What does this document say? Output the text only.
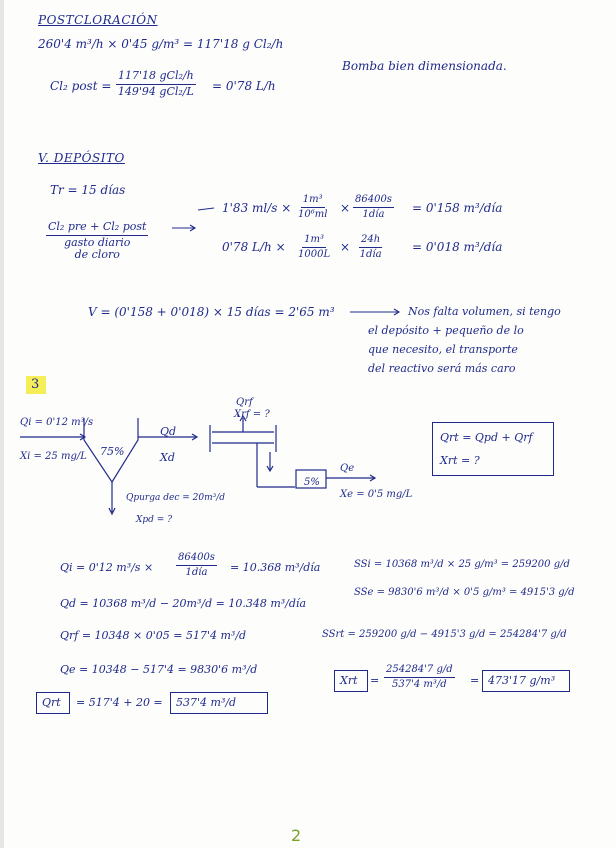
POSTCLORACIÓN
260'4 m³/h × 0'45 g/m³ = 117'18 g Cl₂/h
Cl₂ post =
117'18 gCl₂/h
149'94 gCl₂/L = 0'78 L/h
Bomba bien dimensionada.
V. DEPÓSITO
Tr = 15 días
Cl₂ pre + Cl₂ post
gasto diario
de cloro
1'83 $ml/s \times \frac{\text{1m³}}{\text{10⁶ml}}$ ×
86400s
1día = 0'158 m³/día
0'78 $L/h \times \frac{\text{1m³}}{1000L}$ ×
24h
1día	= 0'018 m³/día
V = (0'158 + 0'018) × 15 días = 2'65 m³	Nos falta volumen, si tengo
el depósito + pequeño de lo
que necesito, el transporte
del reactivo será más caro
3
Qi = 0'12 m³/s
Xi = 25 mg/L 75%
Qd
Xd
Qrf
Xrf = ?
5%
Qe
Xe = 0'5 mg/L
Qpurga dec = 20m³/d
Xpd = ?
Qrt = Qpd + Qrf
Xrt = ?
Qi = 0'12 m³/s ×
86400s
1día = 10.368 m³/día
Qd = 10368 m³/d − 20m³/d = 10.348 m³/día
Qrf = 10348 × 0'05 = 517'4 m³/d
Qe = 10348 − 517'4 = 9830'6 m³/d
Qrt = 517'4 + 20 = 537'4 m³/d
SSi = 10368 m³/d × 25 g/m³ = 259200 g/d
SSe = 9830'6 m³/d × 0'5 g/m³ = 4915'3 g/d
SSrt = 259200 g/d − 4915'3 g/d = 254284'7 g/d
Xrt = $\frac{254284'7 g/d}{\text{537'4 m³/d}} = 473'17$ g/m³
2
